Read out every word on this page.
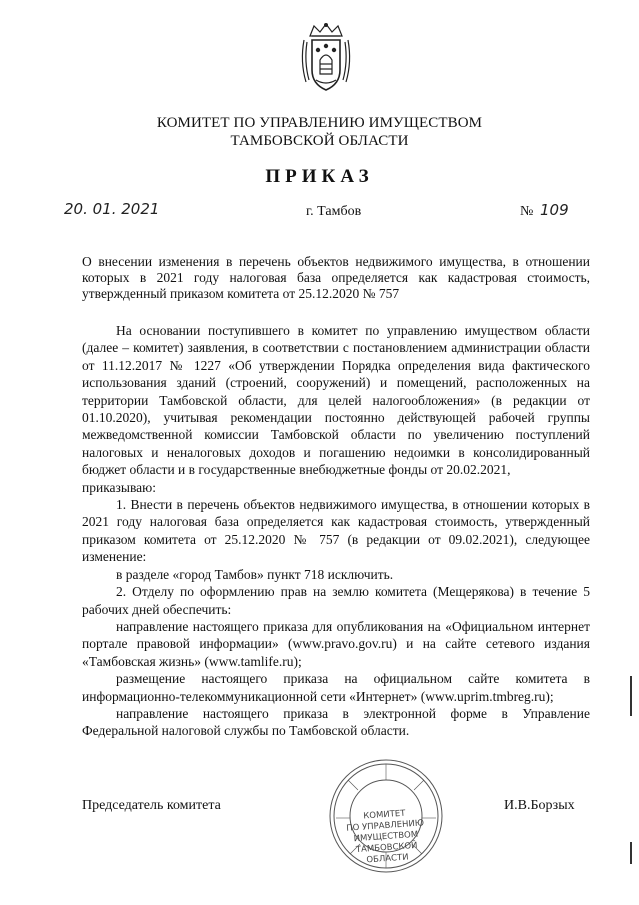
КОМИТЕТ ПО УПРАВЛЕНИЮ ИМУЩЕСТВОМ
ТАМБОВСКОЙ ОБЛАСТИ
ПРИКАЗ
20. 01. 2021	г. Тамбов	№ 109
О внесении изменения в перечень объектов недвижимого имущества, в отношении которых в 2021 году налоговая база определяется как кадастровая стоимость, утвержденный приказом комитета от 25.12.2020 № 757

На основании поступившего в комитет по управлению имуществом области (далее – комитет) заявления, в соответствии с постановлением администрации области от 11.12.2017 № 1227 «Об утверждении Порядка определения вида фактического использования зданий (строений, сооружений) и помещений, расположенных на территории Тамбовской области, для целей налогообложения» (в редакции от 01.10.2020), учитывая рекомендации постоянно действующей рабочей группы межведомственной комиссии Тамбовской области по увеличению поступлений налоговых и неналоговых доходов и погашению недоимки в консолидированный бюджет области и в государственные внебюджетные фонды от 20.02.2021,

приказываю:

1. Внести в перечень объектов недвижимого имущества, в отношении которых в 2021 году налоговая база определяется как кадастровая стоимость, утвержденный приказом комитета от 25.12.2020 № 757 (в редакции от 09.02.2021), следующее изменение:

в разделе «город Тамбов» пункт 718 исключить.

2. Отделу по оформлению прав на землю комитета (Мещерякова) в течение 5 рабочих дней обеспечить:

направление настоящего приказа для опубликования на «Официальном интернет портале правовой информации» (www.pravo.gov.ru) и на сайте сетевого издания «Тамбовская жизнь» (www.tamlife.ru);

размещение настоящего приказа на официальном сайте комитета в информационно-телекоммуникационной сети «Интернет» (www.uprim.tmbreg.ru);

направление настоящего приказа в электронной форме в Управление Федеральной налоговой службы по Тамбовской области.

Председатель комитета	И.В.Борзых
КОМИТЕТ
ПО УПРАВЛЕНИЮ
ИМУЩЕСТВОМ
ТАМБОВСКОЙ
ОБЛАСТИ
